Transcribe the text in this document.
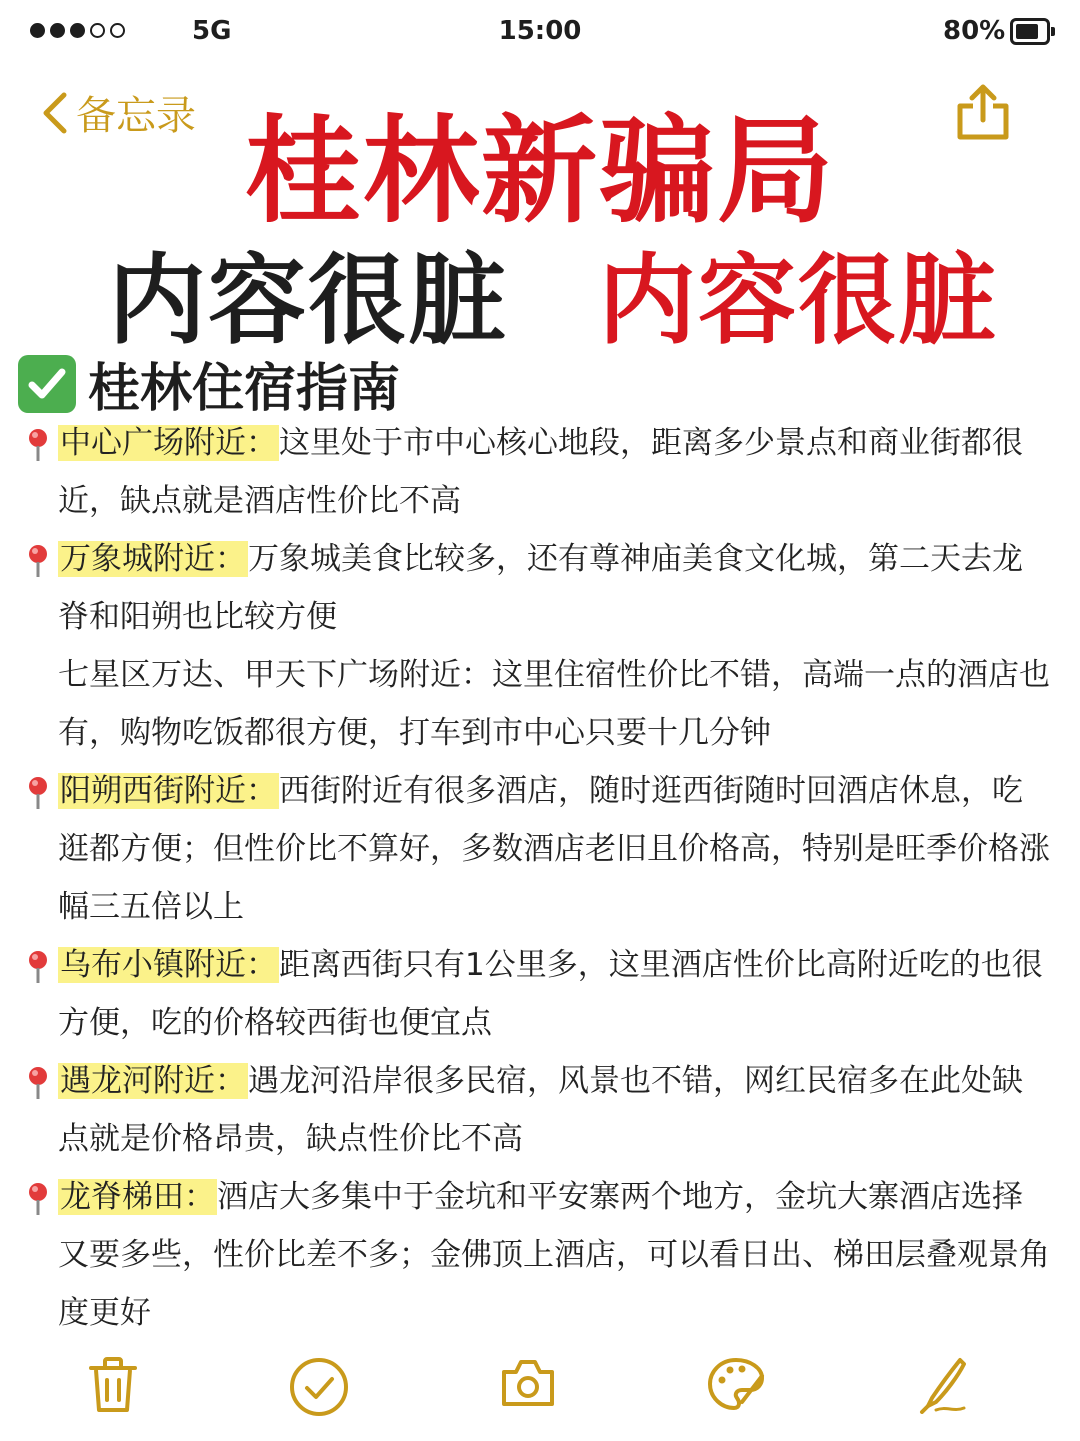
5G	15:00	80%
备忘录 桂林新骗局
内容很脏 内容很脏
桂林住宿指南
中心广场附近：这里处于市中心核心地段，距离多少景点和商业街都很近，缺点就是酒店性价比不高
万象城附近：万象城美食比较多，还有尊神庙美食文化城，第二天去龙脊和阳朔也比较方便
七星区万达、甲天下广场附近：这里住宿性价比不错，高端一点的酒店也有，购物吃饭都很方便，打车到市中心只要十几分钟
阳朔西街附近：西街附近有很多酒店，随时逛西街随时回酒店休息，吃逛都方便；但性价比不算好，多数酒店老旧且价格高，特别是旺季价格涨幅三五倍以上
乌布小镇附近：距离西街只有1公里多，这里酒店性价比高附近吃的也很方便，吃的价格较西街也便宜点
遇龙河附近：遇龙河沿岸很多民宿，风景也不错，网红民宿多在此处缺点就是价格昂贵，缺点性价比不高
龙脊梯田：酒店大多集中于金坑和平安寨两个地方，金坑大寨酒店选择又要多些，性价比差不多；金佛顶上酒店，可以看日出、梯田层叠观景角度更好
